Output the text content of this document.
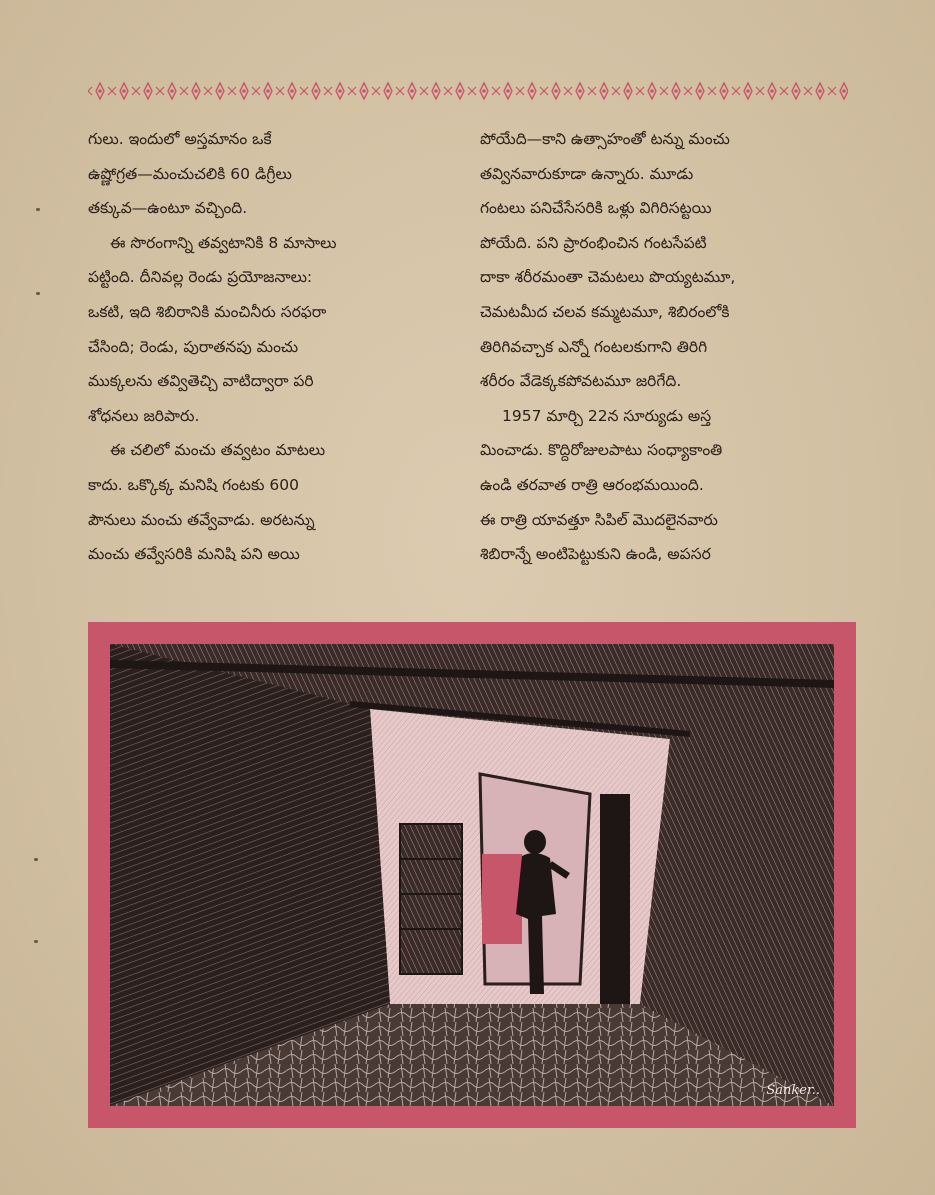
గులు. ఇందులో అస్తమానం ఒకే
ఉష్ణోగ్రత—మంచుచలికి 60 డిగ్రీలు
తక్కువ—ఉంటూ వచ్చింది.
ఈ సొరంగాన్ని తవ్వటానికి 8 మాసాలు
పట్టింది. దీనివల్ల రెండు ప్రయోజనాలు:
ఒకటి, ఇది శిబిరానికి మంచినీరు సరఫరా
చేసింది; రెండు, పురాతనపు మంచు
ముక్కలను తవ్వితెచ్చి వాటిద్వారా పరి
శోధనలు జరిపారు.
ఈ చలిలో మంచు తవ్వటం మాటలు
కాదు. ఒక్కొక్క మనిషి గంటకు 600
పౌనులు మంచు తవ్వేవాడు. అరటన్ను
మంచు తవ్వేసరికి మనిషి పని అయి
పోయేది—కాని ఉత్సాహంతో టన్ను మంచు
తవ్వినవారుకూడా ఉన్నారు. మూడు
గంటలు పనిచేసేసరికి ఒళ్లు విగిరిసట్టయి
పోయేది. పని ప్రారంభించిన గంటసేపటి
దాకా శరీరమంతా చెమటలు పొయ్యటమూ,
చెమటమీద చలవ కమ్మటమూ, శిబిరంలోకి
తిరిగివచ్చాక ఎన్నో గంటలకుగాని తిరిగి
శరీరం వేడెక్కకపోవటమూ జరిగేది.
1957 మార్చి 22న సూర్యుడు అస్త
మించాడు. కొద్దిరోజులపాటు సంధ్యాకాంతి
ఉండి తరవాత రాత్రి ఆరంభమయింది.
ఈ రాత్రి యావత్తూ సిపిల్ మొదలైనవారు
శిబిరాన్నే అంటిపెట్టుకుని ఉండి, అపసర
Sanker..
